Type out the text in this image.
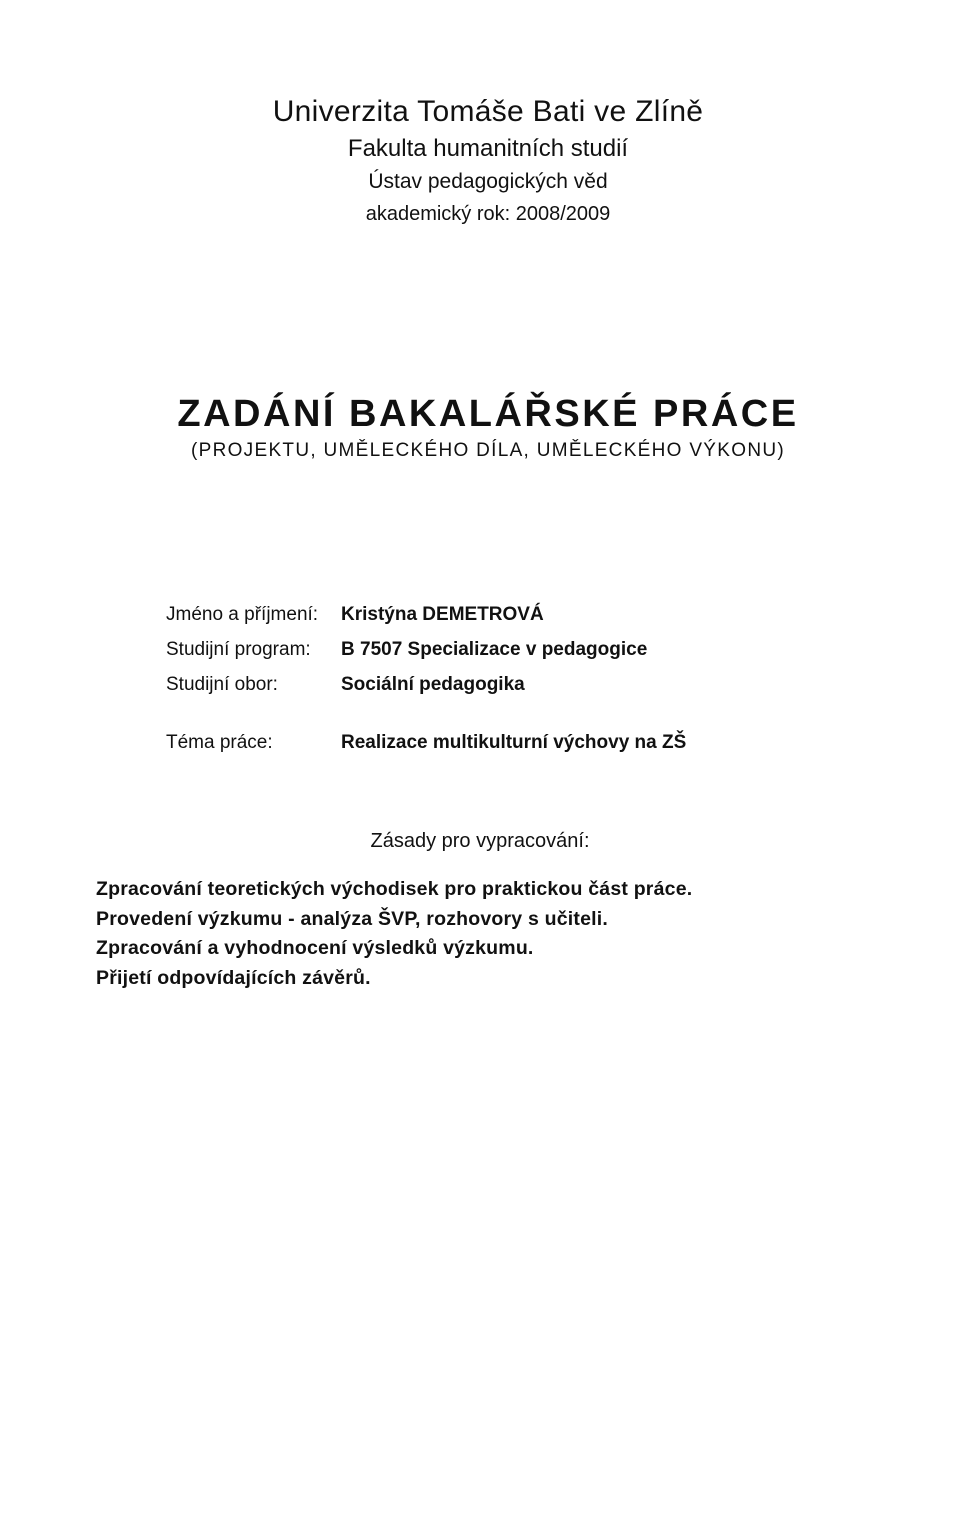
Univerzita Tomáše Bati ve Zlíně
Fakulta humanitních studií
Ústav pedagogických věd
akademický rok: 2008/2009
ZADÁNÍ BAKALÁŘSKÉ PRÁCE
(PROJEKTU, UMĚLECKÉHO DÍLA, UMĚLECKÉHO VÝKONU)
Jméno a příjmení:	Kristýna DEMETROVÁ
Studijní program:	B 7507 Specializace v pedagogice
Studijní obor:	Sociální pedagogika
Téma práce:	Realizace multikulturní výchovy na ZŠ
Zásady pro vypracování:
Zpracování teoretických východisek pro praktickou část práce.
Provedení výzkumu - analýza ŠVP, rozhovory s učiteli.
Zpracování a vyhodnocení výsledků výzkumu.
Přijetí odpovídajících závěrů.
